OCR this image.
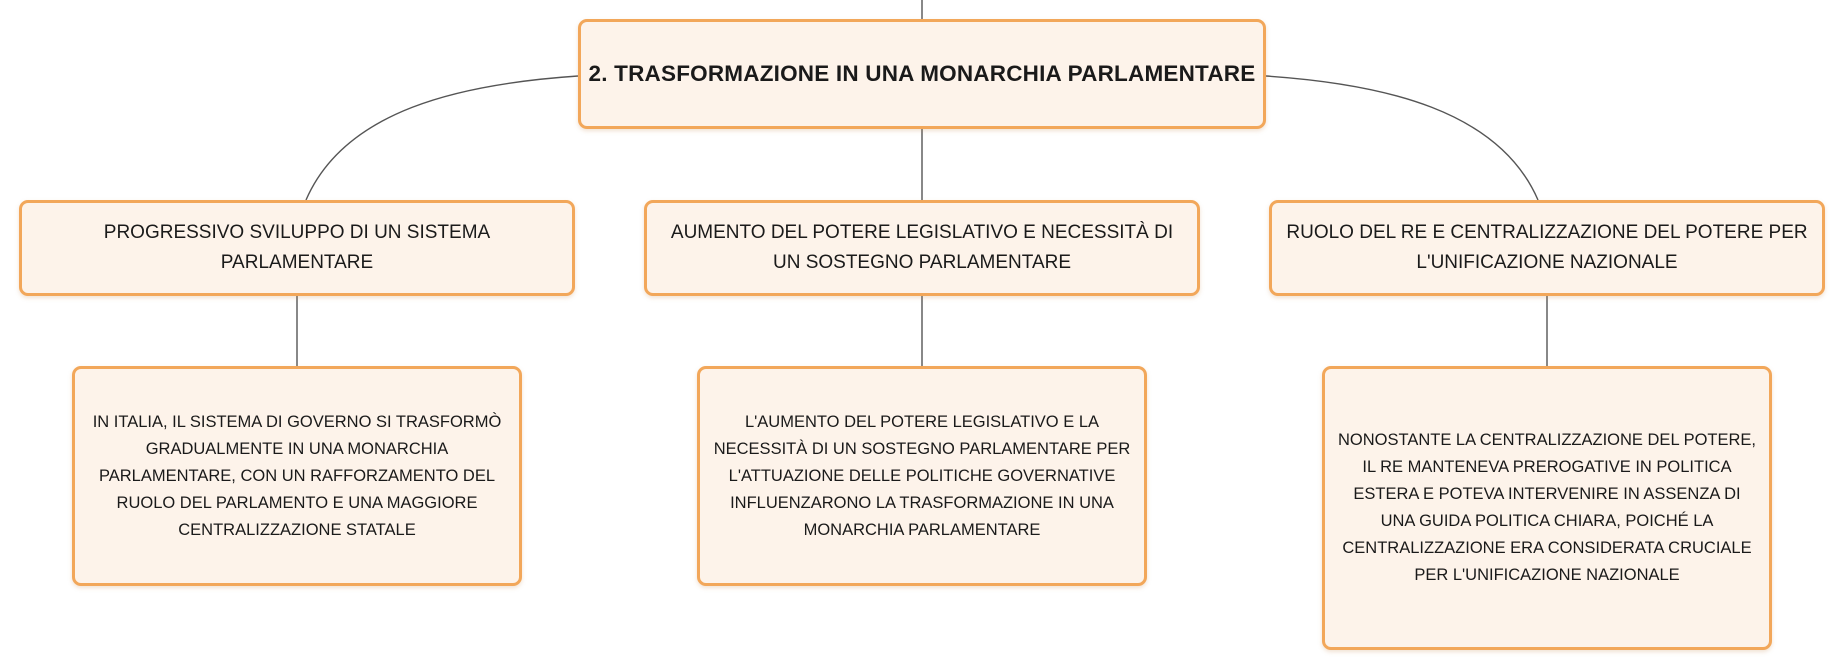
2. TRASFORMAZIONE IN UNA MONARCHIA PARLAMENTARE
PROGRESSIVO SVILUPPO DI UN SISTEMA PARLAMENTARE
AUMENTO DEL POTERE LEGISLATIVO E NECESSITÀ DI UN SOSTEGNO PARLAMENTARE
RUOLO DEL RE E CENTRALIZZAZIONE DEL POTERE PER L'UNIFICAZIONE NAZIONALE
IN ITALIA, IL SISTEMA DI GOVERNO SI TRASFORMÒ GRADUALMENTE IN UNA MONARCHIA PARLAMENTARE, CON UN RAFFORZAMENTO DEL RUOLO DEL PARLAMENTO E UNA MAGGIORE CENTRALIZZAZIONE STATALE
L'AUMENTO DEL POTERE LEGISLATIVO E LA NECESSITÀ DI UN SOSTEGNO PARLAMENTARE PER L'ATTUAZIONE DELLE POLITICHE GOVERNATIVE INFLUENZARONO LA TRASFORMAZIONE IN UNA MONARCHIA PARLAMENTARE
NONOSTANTE LA CENTRALIZZAZIONE DEL POTERE, IL RE MANTENEVA PREROGATIVE IN POLITICA ESTERA E POTEVA INTERVENIRE IN ASSENZA DI UNA GUIDA POLITICA CHIARA, POICHÉ LA CENTRALIZZAZIONE ERA CONSIDERATA CRUCIALE PER L'UNIFICAZIONE NAZIONALE
